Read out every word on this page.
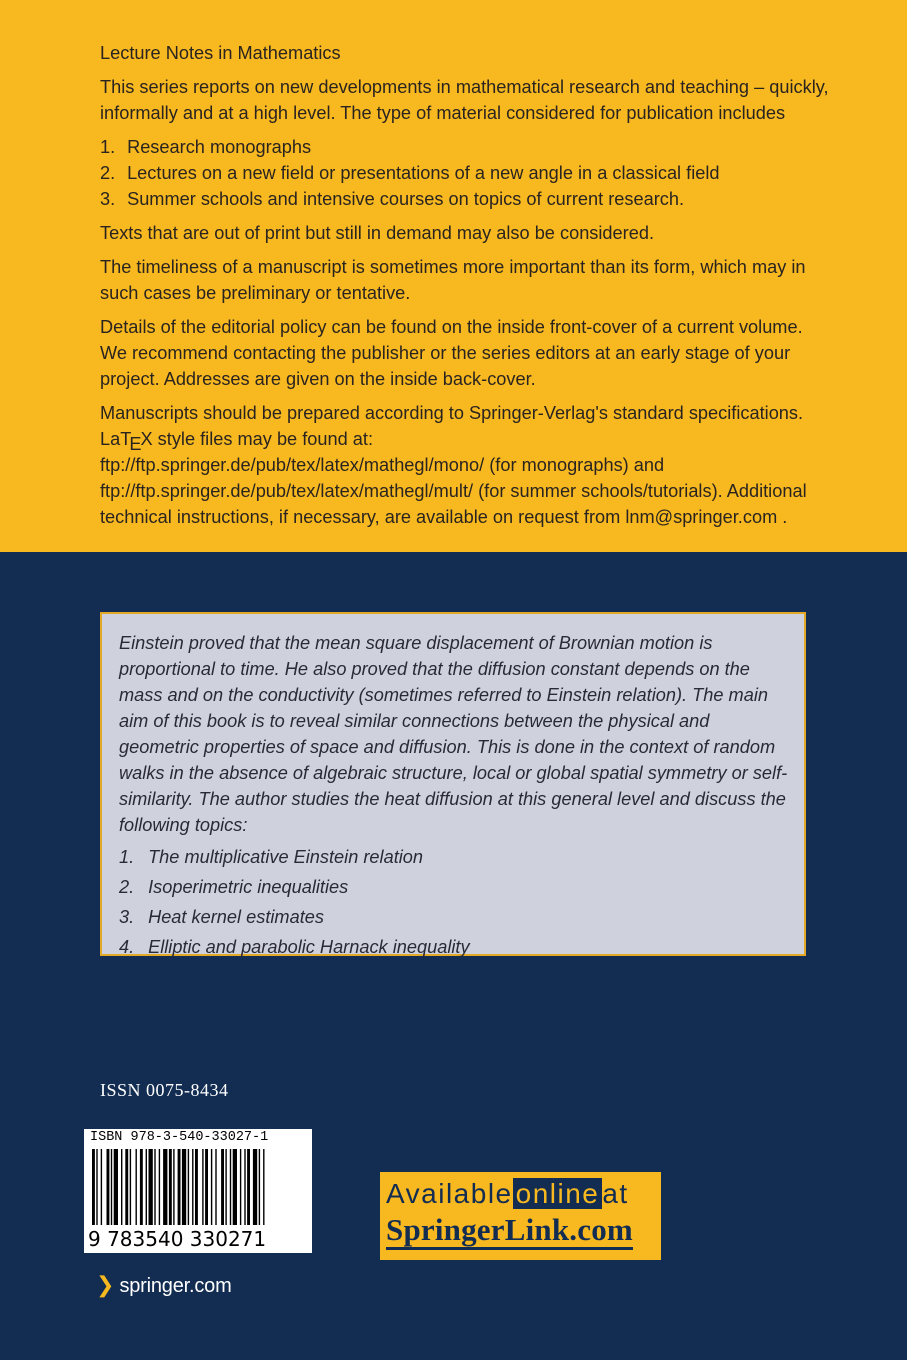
Lecture Notes in Mathematics

This series reports on new developments in mathematical research and teaching – quickly, informally and at a high level. The type of material considered for publication includes

1. Research monographs
2. Lectures on a new field or presentations of a new angle in a classical field
3. Summer schools and intensive courses on topics of current research.

Texts that are out of print but still in demand may also be considered.

The timeliness of a manuscript is sometimes more important than its form, which may in such cases be preliminary or tentative.

Details of the editorial policy can be found on the inside front-cover of a current volume. We recommend contacting the publisher or the series editors at an early stage of your project. Addresses are given on the inside back-cover.

Manuscripts should be prepared according to Springer-Verlag's standard specifications.
LaTEX style files may be found at:
ftp://ftp.springer.de/pub/tex/latex/mathegl/mono/ (for monographs) and
ftp://ftp.springer.de/pub/tex/latex/mathegl/mult/ (for summer schools/tutorials). Additional technical instructions, if necessary, are available on request from lnm@springer.com .

Einstein proved that the mean square displacement of Brownian motion is proportional to time. He also proved that the diffusion constant depends on the mass and on the conductivity (sometimes referred to Einstein relation). The main aim of this book is to reveal similar connections between the physical and geometric properties of space and diffusion. This is done in the context of random walks in the absence of algebraic structure, local or global spatial symmetry or self-similarity. The author studies the heat diffusion at this general level and discuss the following topics:

1. The multiplicative Einstein relation
2. Isoperimetric inequalities
3. Heat kernel estimates
4. Elliptic and parabolic Harnack inequality
ISSN 0075-8434
ISBN 978-3-540-33027-1
9 783540 330271
❯ springer.com
Available online at
SpringerLink.com
